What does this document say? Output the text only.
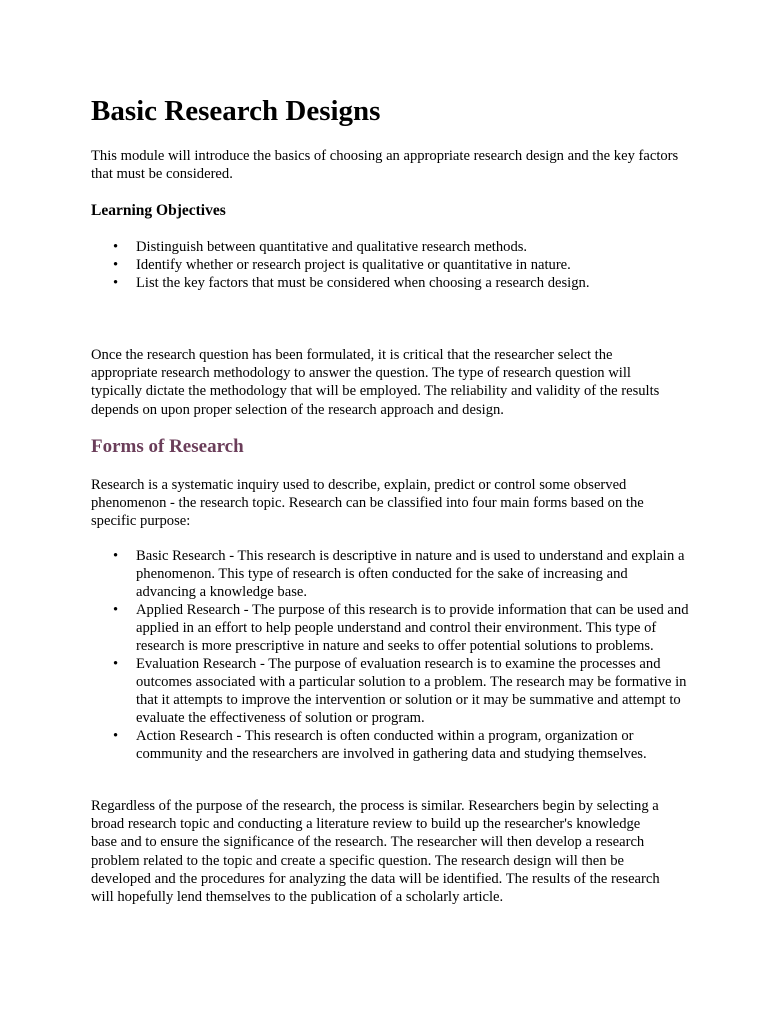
Basic Research Designs

This module will introduce the basics of choosing an appropriate research design and the key factors that must be considered.

Learning Objectives
• Distinguish between quantitative and qualitative research methods.
• Identify whether or research project is qualitative or quantitative in nature.
• List the key factors that must be considered when choosing a research design.

Once the research question has been formulated, it is critical that the researcher select the appropriate research methodology to answer the question. The type of research question will typically dictate the methodology that will be employed. The reliability and validity of the results depends on upon proper selection of the research approach and design.

Forms of Research

Research is a systematic inquiry used to describe, explain, predict or control some observed phenomenon - the research topic. Research can be classified into four main forms based on the specific purpose:

• Basic Research - This research is descriptive in nature and is used to understand and explain a phenomenon. This type of research is often conducted for the sake of increasing and advancing a knowledge base.
• Applied Research - The purpose of this research is to provide information that can be used and applied in an effort to help people understand and control their environment. This type of research is more prescriptive in nature and seeks to offer potential solutions to problems.
• Evaluation Research - The purpose of evaluation research is to examine the processes and outcomes associated with a particular solution to a problem. The research may be formative in that it attempts to improve the intervention or solution or it may be summative and attempt to evaluate the effectiveness of solution or program.
• Action Research - This research is often conducted within a program, organization or community and the researchers are involved in gathering data and studying themselves.

Regardless of the purpose of the research, the process is similar. Researchers begin by selecting a broad research topic and conducting a literature review to build up the researcher's knowledge base and to ensure the significance of the research. The researcher will then develop a research problem related to the topic and create a specific question. The research design will then be developed and the procedures for analyzing the data will be identified. The results of the research will hopefully lend themselves to the publication of a scholarly article.
